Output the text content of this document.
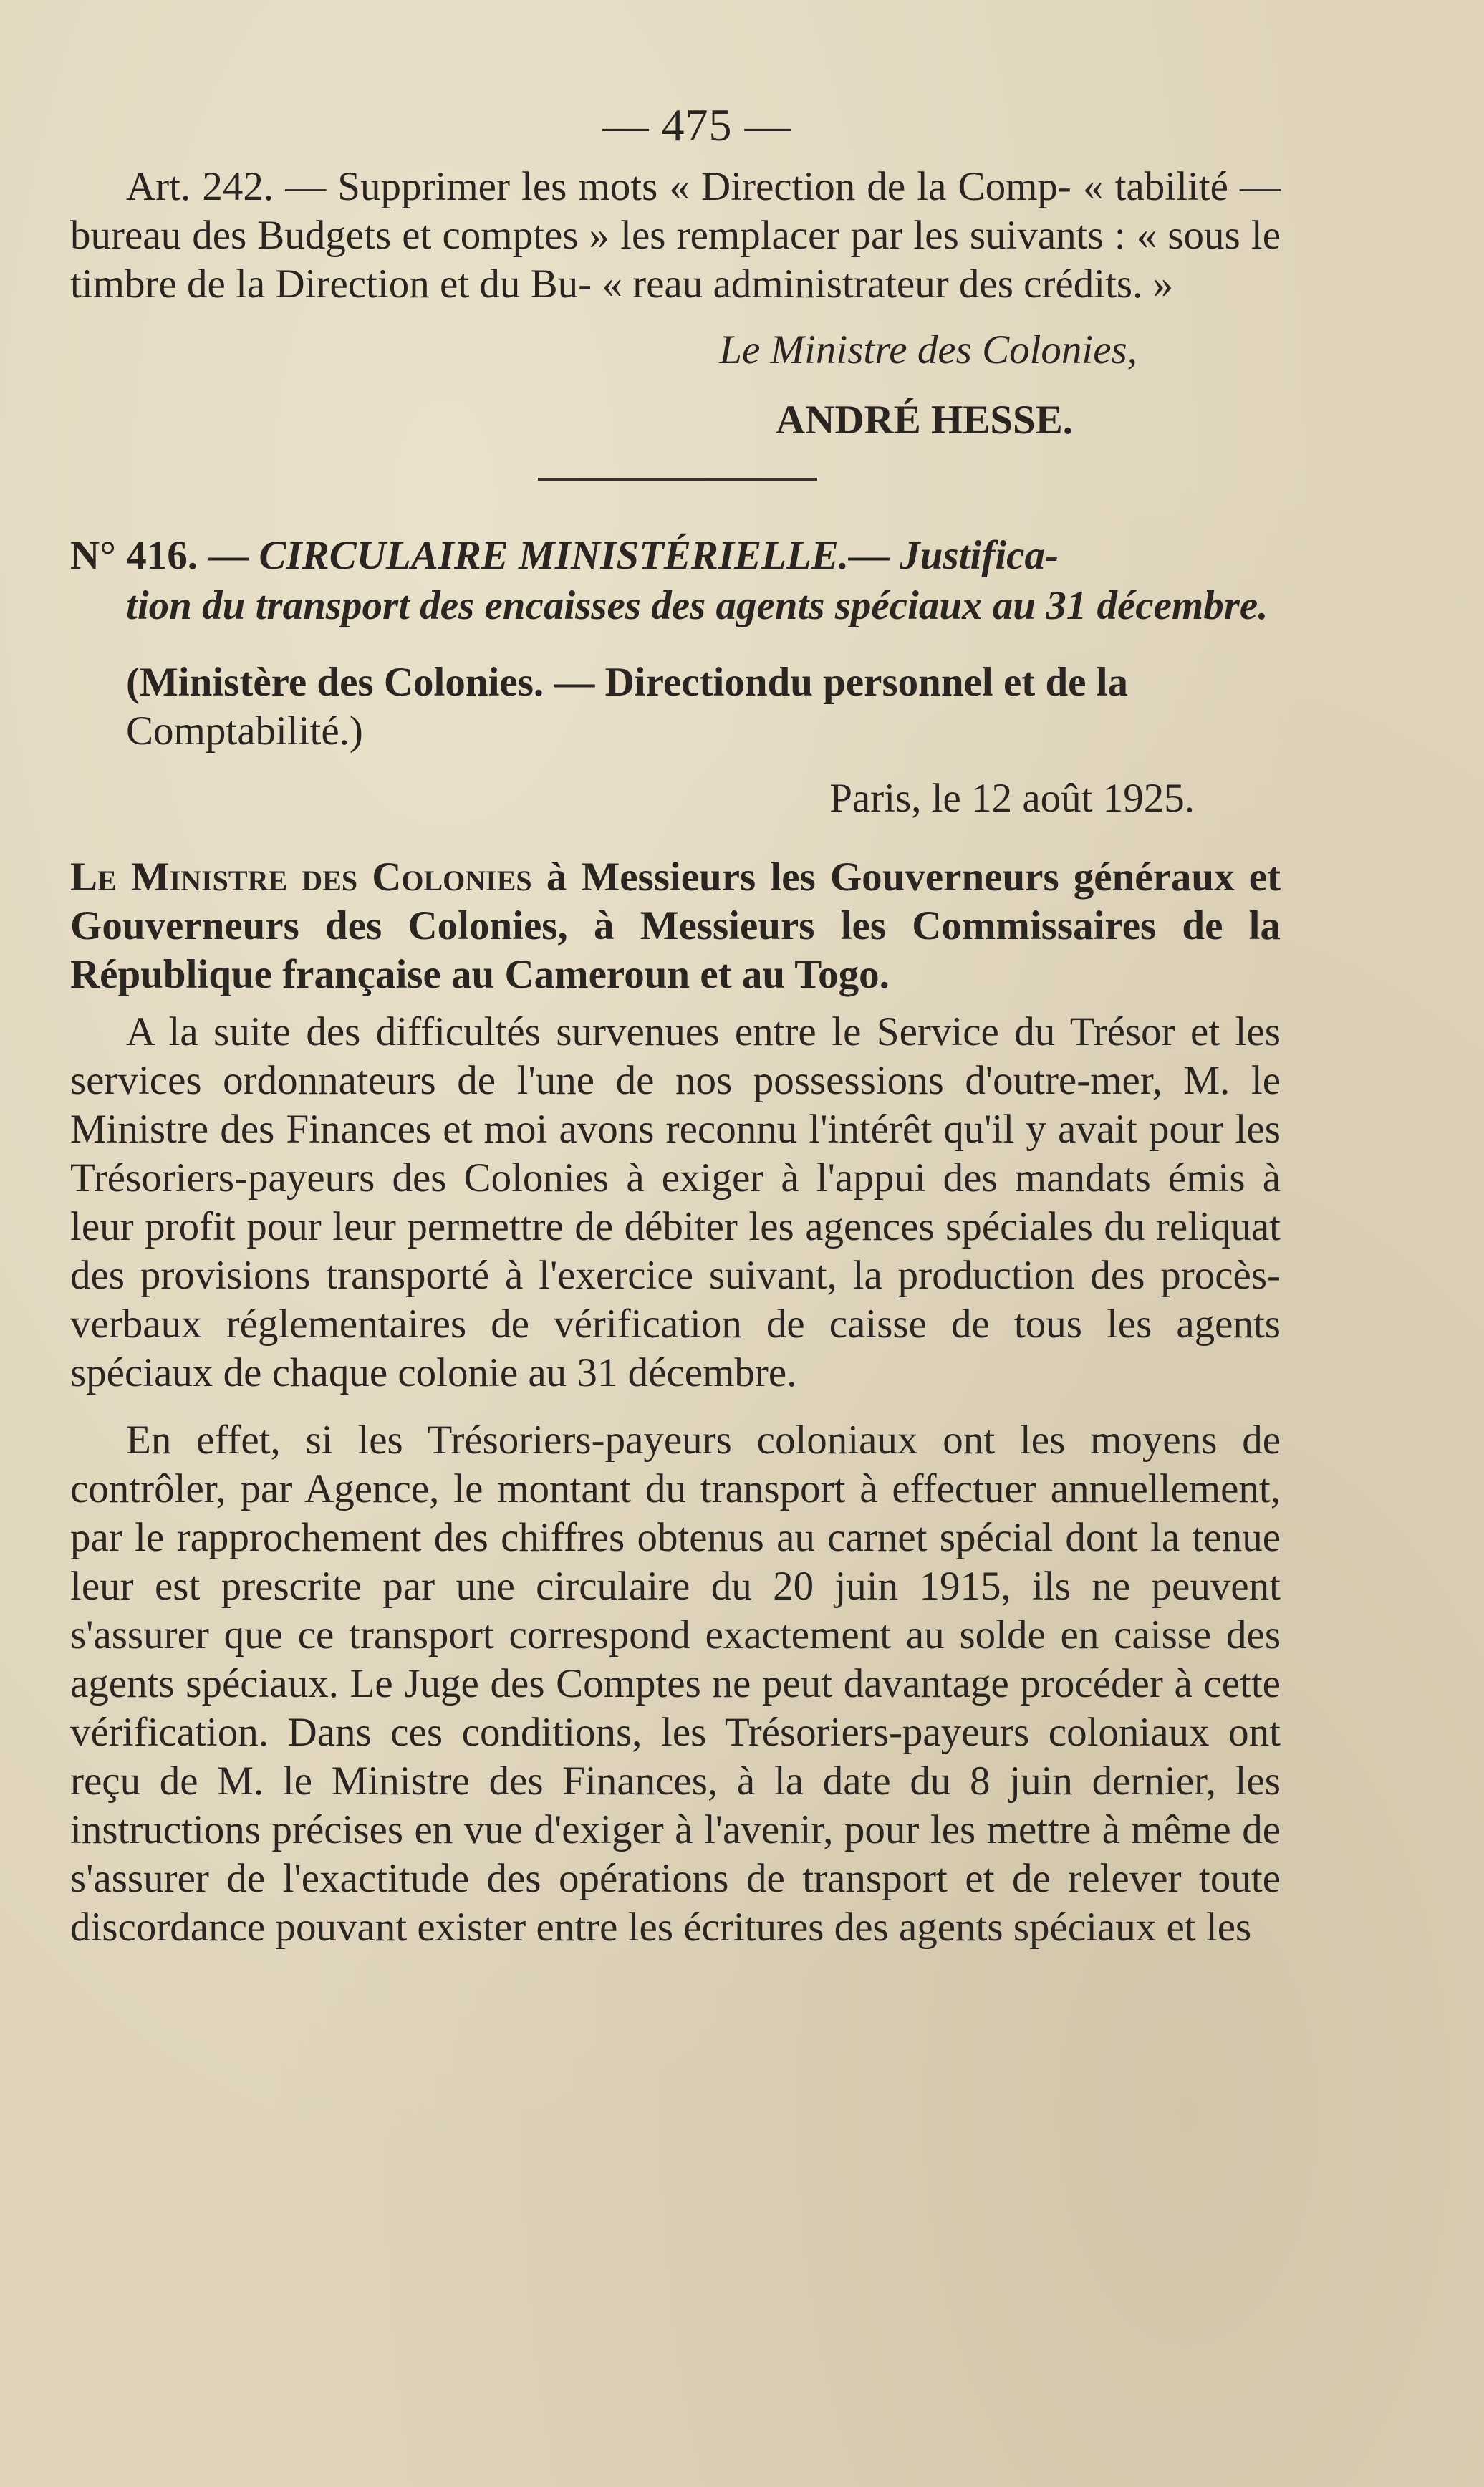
— 475 —

Art. 242. — Supprimer les mots « Direction de la Comp- « tabilité — bureau des Budgets et comptes » les remplacer par les suivants : « sous le timbre de la Direction et du Bu- « reau administrateur des crédits. »

Le Ministre des Colonies,
ANDRÉ HESSE.

N° 416. — CIRCULAIRE MINISTÉRIELLE.— Justifica-
tion du transport des encaisses des agents spéciaux au 31 décembre.

(Ministère des Colonies. — Directiondu personnel et de la
Comptabilité.)

Paris, le 12 août 1925.

Le Ministre des Colonies à Messieurs les Gouverneurs généraux et Gouverneurs des Colonies, à Messieurs les Commissaires de la République française au Cameroun et au Togo.

A la suite des difficultés survenues entre le Service du Trésor et les services ordonnateurs de l'une de nos possessions d'outre-mer, M. le Ministre des Finances et moi avons reconnu l'intérêt qu'il y avait pour les Trésoriers-payeurs des Colonies à exiger à l'appui des mandats émis à leur profit pour leur permettre de débiter les agences spéciales du reliquat des provisions transporté à l'exercice suivant, la production des procès-verbaux réglementaires de vérification de caisse de tous les agents spéciaux de chaque colonie au 31 décembre.

En effet, si les Trésoriers-payeurs coloniaux ont les moyens de contrôler, par Agence, le montant du transport à effectuer annuellement, par le rapprochement des chiffres obtenus au carnet spécial dont la tenue leur est prescrite par une circulaire du 20 juin 1915, ils ne peuvent s'assurer que ce transport correspond exactement au solde en caisse des agents spéciaux. Le Juge des Comptes ne peut davantage procéder à cette vérification. Dans ces conditions, les Trésoriers-payeurs coloniaux ont reçu de M. le Ministre des Finances, à la date du 8 juin dernier, les instructions précises en vue d'exiger à l'avenir, pour les mettre à même de s'assurer de l'exactitude des opérations de transport et de relever toute discordance pouvant exister entre les écritures des agents spéciaux et les
